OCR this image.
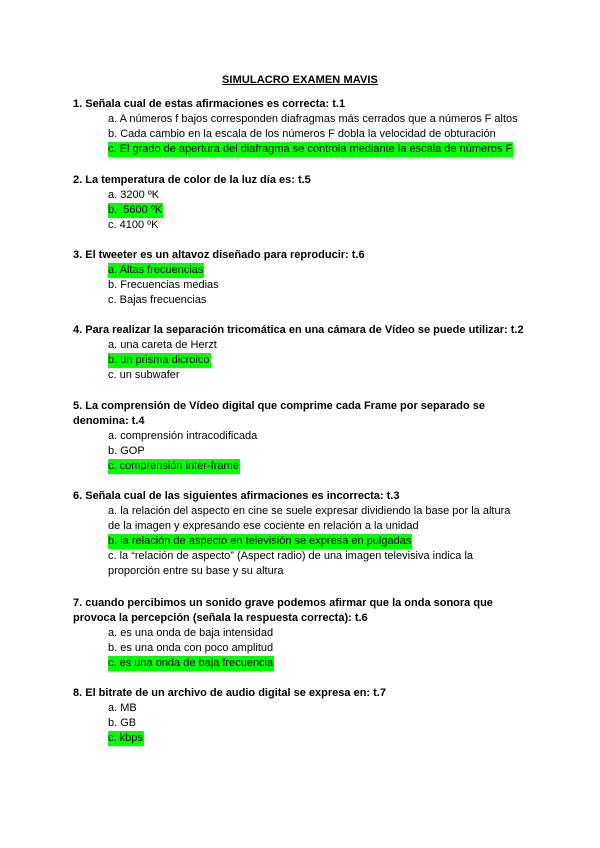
SIMULACRO EXAMEN MAVIS
1. Señala cual de estas afirmaciones es correcta: t.1
a. A números f bajos corresponden diafragmas más cerrados que a números F altos
b. Cada cambio en la escala de los números F dobla la velocidad de obturación
c. El grado de apertura del diafragma se controla mediante la escala de números F
2. La temperatura de color de la luz día es: t.5
a. 3200 ºK
b.  5600 ºK
c. 4100 ºK
3. El tweeter es un altavoz diseñado para reproducir: t.6
a. Altas frecuencias
b. Frecuencias medias
c. Bajas frecuencias
4. Para realizar la separación tricomática en una cámara de Vídeo se puede utilizar: t.2
a. una careta de Herzt
b. un prisma dicroico
c. un subwafer
5. La comprensión de Vídeo digital que comprime cada Frame por separado se denomina: t.4
a. comprensión intracodificada
b. GOP
c. comprensión inter-frame
6. Señala cual de las siguientes afirmaciones es incorrecta: t.3
a. la relación del aspecto en cine se suele expresar dividiendo la base por la altura de la imagen y expresando ese cociente en relación a la unidad
b. la relación de aspecto en televisión se expresa en pulgadas
c. la “relación de aspecto” (Aspect radio) de una imagen televisiva indica la proporción entre su base y su altura
7. cuando percibimos un sonido grave podemos afirmar que la onda sonora que provoca la percepción (señala la respuesta correcta): t.6
a. es una onda de baja intensidad
b. es una onda con poco amplitud
c. es una onda de baja frecuencia
8. El bitrate de un archivo de audio digital se expresa en: t.7
a. MB
b. GB
c. kbps
